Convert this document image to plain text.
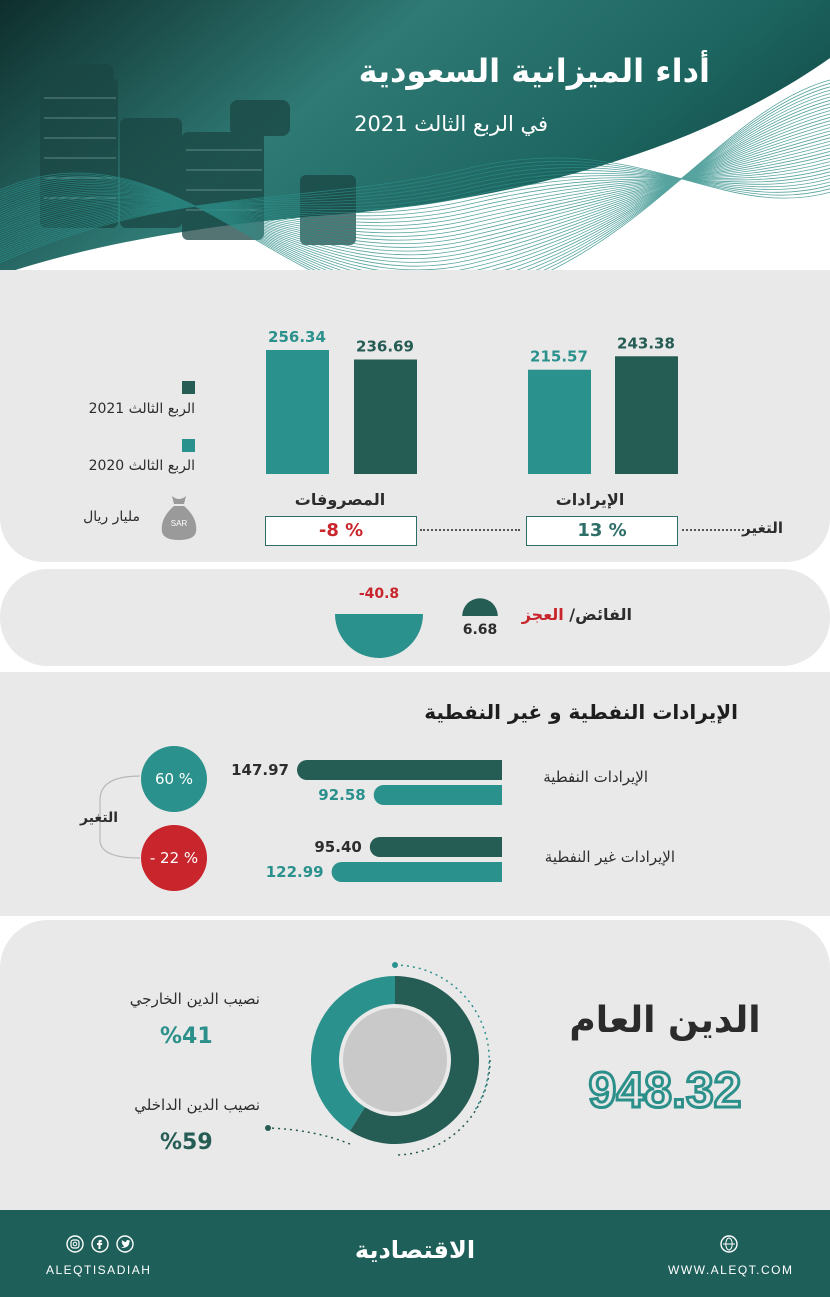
أداء الميزانية السعودية
في الربع الثالث 2021
215.57
243.38
256.34
236.69
الربع الثالث 2021
الربع الثالث 2020
SAR
مليار ريال
الإيرادات
المصروفات
التغير
13 %
-8 %
الفائض/ العجز
6.68
-40.8
الإيرادات النفطية و غير النفطية
الإيرادات النفطية
الإيرادات غير النفطية
147.97
92.58
95.40
122.99
التغير
60 %
- 22 %
الدين العام
948.32
نصيب الدين الخارجي
%41
نصيب الدين الداخلي
%59
ALEQTISADIAH
الاقتصادية
WWW.ALEQT.COM
